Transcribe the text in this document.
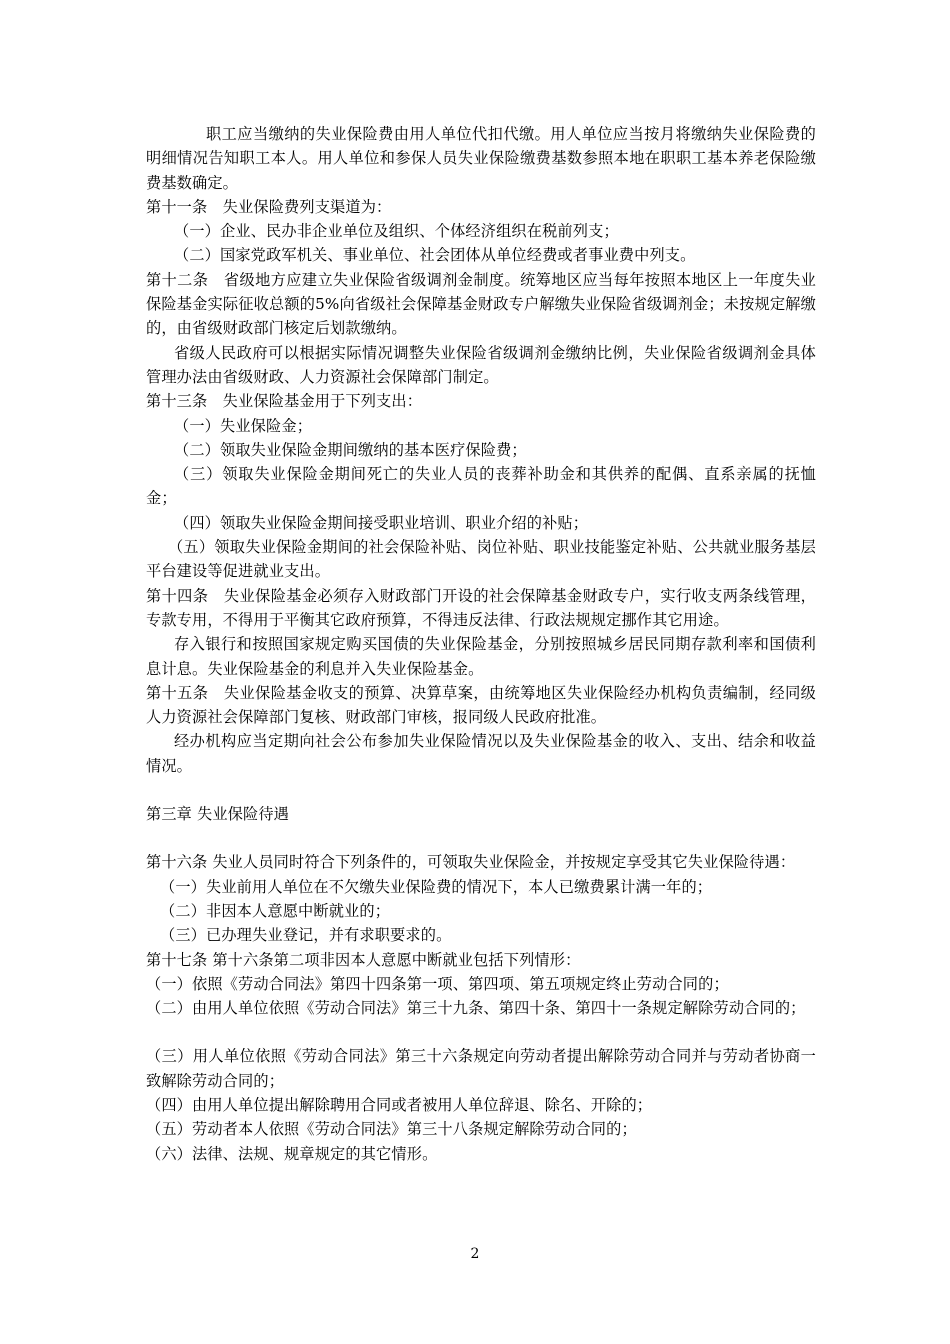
职工应当缴纳的失业保险费由用人单位代扣代缴。用人单位应当按月将缴纳失业保险费的明细情况告知职工本人。用人单位和参保人员失业保险缴费基数参照本地在职职工基本养老保险缴费基数确定。

第十一条　失业保险费列支渠道为：

（一）企业、民办非企业单位及组织、个体经济组织在税前列支；

（二）国家党政军机关、事业单位、社会团体从单位经费或者事业费中列支。

第十二条　省级地方应建立失业保险省级调剂金制度。统筹地区应当每年按照本地区上一年度失业保险基金实际征收总额的5%向省级社会保障基金财政专户解缴失业保险省级调剂金；未按规定解缴的，由省级财政部门核定后划款缴纳。

省级人民政府可以根据实际情况调整失业保险省级调剂金缴纳比例，失业保险省级调剂金具体管理办法由省级财政、人力资源社会保障部门制定。

第十三条　失业保险基金用于下列支出：

（一）失业保险金；

（二）领取失业保险金期间缴纳的基本医疗保险费；

（三）领取失业保险金期间死亡的失业人员的丧葬补助金和其供养的配偶、直系亲属的抚恤金；

（四）领取失业保险金期间接受职业培训、职业介绍的补贴；

（五）领取失业保险金期间的社会保险补贴、岗位补贴、职业技能鉴定补贴、公共就业服务基层平台建设等促进就业支出。

第十四条　失业保险基金必须存入财政部门开设的社会保障基金财政专户，实行收支两条线管理，专款专用，不得用于平衡其它政府预算，不得违反法律、行政法规规定挪作其它用途。

存入银行和按照国家规定购买国债的失业保险基金，分别按照城乡居民同期存款利率和国债利息计息。失业保险基金的利息并入失业保险基金。

第十五条　失业保险基金收支的预算、决算草案，由统筹地区失业保险经办机构负责编制，经同级人力资源社会保障部门复核、财政部门审核，报同级人民政府批准。

经办机构应当定期向社会公布参加失业保险情况以及失业保险基金的收入、支出、结余和收益情况。

第三章 失业保险待遇

第十六条 失业人员同时符合下列条件的，可领取失业保险金，并按规定享受其它失业保险待遇：

（一）失业前用人单位在不欠缴失业保险费的情况下，本人已缴费累计满一年的；

（二）非因本人意愿中断就业的；

（三）已办理失业登记，并有求职要求的。

第十七条 第十六条第二项非因本人意愿中断就业包括下列情形：

（一）依照《劳动合同法》第四十四条第一项、第四项、第五项规定终止劳动合同的；

（二）由用人单位依照《劳动合同法》第三十九条、第四十条、第四十一条规定解除劳动合同的；

（三）用人单位依照《劳动合同法》第三十六条规定向劳动者提出解除劳动合同并与劳动者协商一致解除劳动合同的；

（四）由用人单位提出解除聘用合同或者被用人单位辞退、除名、开除的；

（五）劳动者本人依照《劳动合同法》第三十八条规定解除劳动合同的；

（六）法律、法规、规章规定的其它情形。

2
